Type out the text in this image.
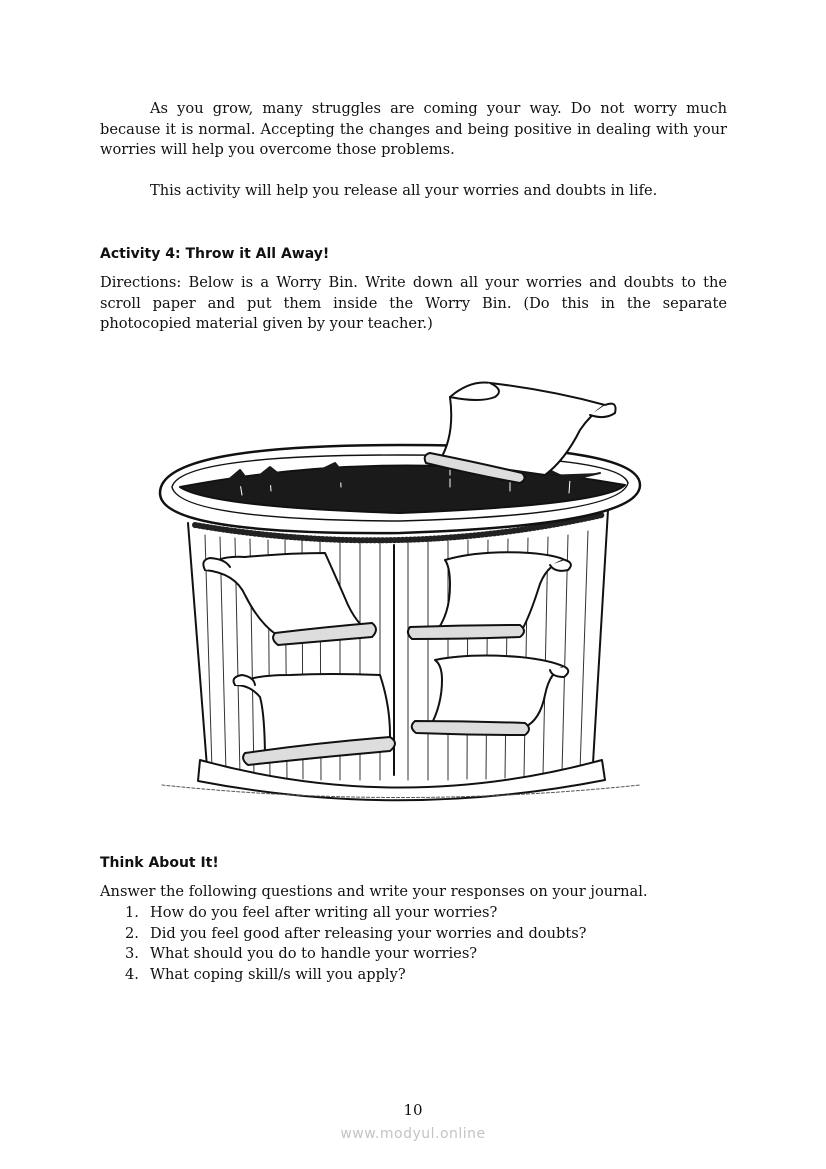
As you grow, many struggles are coming your way. Do not worry much because it is normal. Accepting the changes and being positive in dealing with your worries will help you overcome those problems.

This activity will help you release all your worries and doubts in life.

Activity 4: Throw it All Away!

Directions: Below is a Worry Bin. Write down all your worries and doubts to the scroll paper and put them inside the Worry Bin. (Do this in the separate photocopied material given by your teacher.)

Think About It!

Answer the following questions and write your responses on your journal.

1. How do you feel after writing all your worries?
2. Did you feel good after releasing your worries and doubts?
3. What should you do to handle your worries?
4. What coping skill/s will you apply?
10
www.modyul.online
